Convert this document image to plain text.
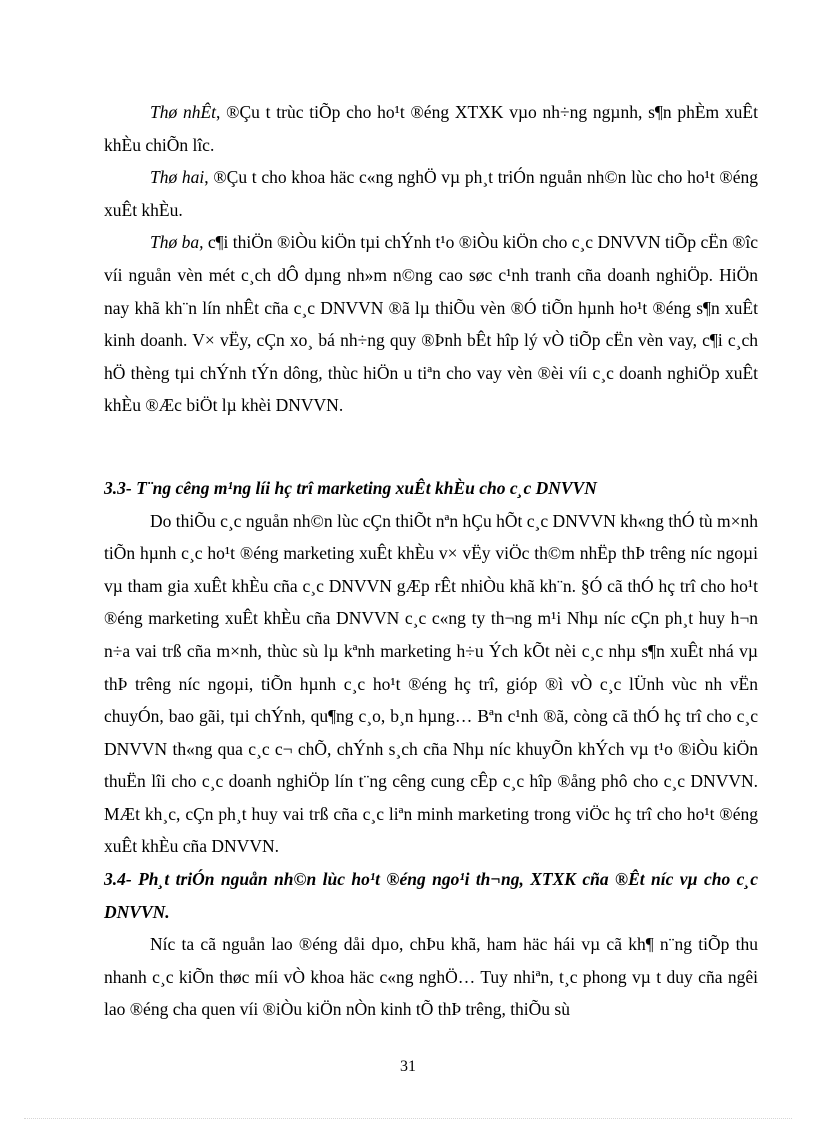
Thø nhÊt, ®Çu t trùc tiÕp cho ho¹t ®éng XTXK vµo nh÷ng ngµnh, s¶n phÈm xuÊt khÈu chiÕn lîc.

Thø hai, ®Çu t cho khoa häc c«ng nghÖ vµ ph¸t triÓn nguån nh©n lùc cho ho¹t ®éng xuÊt khÈu.

Thø ba, c¶i thiÖn ®iÒu kiÖn tµi chÝnh t¹o ®iÒu kiÖn cho c¸c DNVVN tiÕp cËn ®îc víi nguån vèn mét c¸ch dÔ dµng nh»m n©ng cao søc c¹nh tranh cña doanh nghiÖp. HiÖn nay khã kh¨n lín nhÊt cña c¸c DNVVN ®ã lµ thiÕu vèn ®Ó tiÕn hµnh ho¹t ®éng s¶n xuÊt kinh doanh. V× vËy, cÇn xo¸ bá nh÷ng quy ®Þnh bÊt hîp lý vÒ tiÕp cËn vèn vay, c¶i c¸ch hÖ thèng tµi chÝnh tÝn dông, thùc hiÖn u tiªn cho vay vèn ®èi víi c¸c doanh nghiÖp xuÊt khÈu ®Æc biÖt lµ khèi DNVVN.

3.3- T¨ng cêng m¹ng líi hç trî marketing xuÊt khÈu cho c¸c DNVVN

Do thiÕu c¸c nguån nh©n lùc cÇn thiÕt nªn hÇu hÕt c¸c DNVVN kh«ng thÓ tù m×nh tiÕn hµnh c¸c ho¹t ®éng marketing xuÊt khÈu v× vËy viÖc th©m nhËp thÞ trêng níc ngoµi vµ tham gia xuÊt khÈu cña c¸c DNVVN gÆp rÊt nhiÒu khã kh¨n. §Ó cã thÓ hç trî cho ho¹t ®éng marketing xuÊt khÈu cña DNVVN c¸c c«ng ty th¬ng m¹i Nhµ níc cÇn ph¸t huy h¬n n÷a vai trß cña m×nh, thùc sù lµ kªnh marketing h÷u Ých kÕt nèi c¸c nhµ s¶n xuÊt nhá vµ thÞ trêng níc ngoµi, tiÕn hµnh c¸c ho¹t ®éng hç trî, gióp ®ì vÒ c¸c lÜnh vùc nh vËn chuyÓn, bao gãi, tµi chÝnh, qu¶ng c¸o, b¸n hµng… Bªn c¹nh ®ã, còng cã thÓ hç trî cho c¸c DNVVN th«ng qua c¸c c¬ chÕ, chÝnh s¸ch cña Nhµ níc khuyÕn khÝch vµ t¹o ®iÒu kiÖn thuËn lîi cho c¸c doanh nghiÖp lín t¨ng cêng cung cÊp c¸c hîp ®ång phô cho c¸c DNVVN. MÆt kh¸c, cÇn ph¸t huy vai trß cña c¸c liªn minh marketing trong viÖc hç trî cho ho¹t ®éng xuÊt khÈu cña DNVVN.

3.4- Ph¸t triÓn nguån nh©n lùc ho¹t ®éng ngo¹i th¬ng, XTXK cña ®Êt níc vµ cho c¸c DNVVN.

Níc ta cã nguån lao ®éng dåi dµo, chÞu khã, ham häc hái vµ cã kh¶ n¨ng tiÕp thu nhanh c¸c kiÕn thøc míi vÒ khoa häc c«ng nghÖ… Tuy nhiªn, t¸c phong vµ t duy cña ngêi lao ®éng cha quen víi ®iÒu kiÖn nÒn kinh tÕ thÞ trêng, thiÕu sù

31
